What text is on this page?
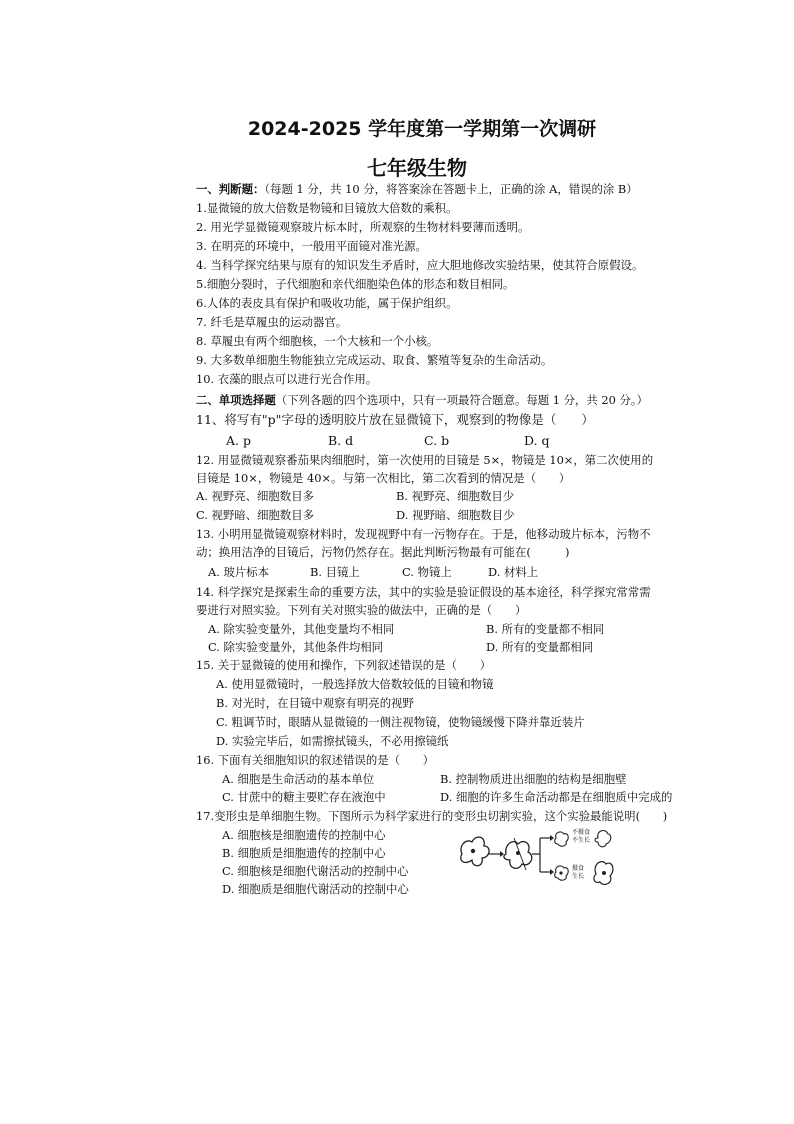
2024-2025 学年度第一学期第一次调研
七年级生物
一、判断题：（每题 1 分，共 10 分，将答案涂在答题卡上，正确的涂 A，错误的涂 B）
1.显微镜的放大倍数是物镜和目镜放大倍数的乘积。
2. 用光学显微镜观察玻片标本时，所观察的生物材料要薄而透明。
3. 在明亮的环境中，一般用平面镜对准光源。
4. 当科学探究结果与原有的知识发生矛盾时，应大胆地修改实验结果，使其符合原假设。
5.细胞分裂时，子代细胞和亲代细胞染色体的形态和数目相同。
6.人体的表皮具有保护和吸收功能，属于保护组织。
7. 纤毛是草履虫的运动器官。
8. 草履虫有两个细胞核，一个大核和一个小核。
9. 大多数单细胞生物能独立完成运动、取食、繁殖等复杂的生命活动。
10. 衣藻的眼点可以进行光合作用。
二、单项选择题（下列各题的四个选项中，只有一项最符合题意。每题 1 分，共 20 分。）
11、将写有"p"字母的透明胶片放在显微镜下，观察到的物像是（　　）
A. p	B. d	C. b	D. q
12. 用显微镜观察番茄果肉细胞时，第一次使用的目镜是 5×，物镜是 10×，第二次使用的
目镜是 10×，物镜是 40×。与第一次相比，第二次看到的情况是（　　）
A. 视野亮、细胞数目多	B. 视野亮、细胞数目少
C. 视野暗、细胞数目多	D. 视野暗、细胞数目少
13. 小明用显微镜观察材料时，发现视野中有一污物存在。于是，他移动玻片标本，污物不
动；换用洁净的目镜后，污物仍然存在。据此判断污物最有可能在(　　　)
A. 玻片标本	B. 目镜上	C. 物镜上	D. 材料上
14. 科学探究是探索生命的重要方法，其中的实验是验证假设的基本途径，科学探究常常需
要进行对照实验。下列有关对照实验的做法中，正确的是（　　）
A. 除实验变量外，其他变量均不相同	B. 所有的变量都不相同
C. 除实验变量外，其他条件均相同	D. 所有的变量都相同
15. 关于显微镜的使用和操作，下列叙述错误的是（　　）
A. 使用显微镜时，一般选择放大倍数较低的目镜和物镜
B. 对光时，在目镜中观察有明亮的视野
C. 粗调节时，眼睛从显微镜的一侧注视物镜，使物镜缓慢下降并靠近装片
D. 实验完毕后，如需擦拭镜头，不必用擦镜纸
16. 下面有关细胞知识的叙述错误的是（　　）
A. 细胞是生命活动的基本单位	B. 控制物质进出细胞的结构是细胞壁
C. 甘蔗中的糖主要贮存在液泡中	D. 细胞的许多生命活动都是在细胞质中完成的
17.变形虫是单细胞生物。下图所示为科学家进行的变形虫切割实验，这个实验最能说明(　　)
A. 细胞核是细胞遗传的控制中心
B. 细胞质是细胞遗传的控制中心
C. 细胞核是细胞代谢活动的控制中心
D. 细胞质是细胞代谢活动的控制中心
不摄食
不生长
摄食
生长
